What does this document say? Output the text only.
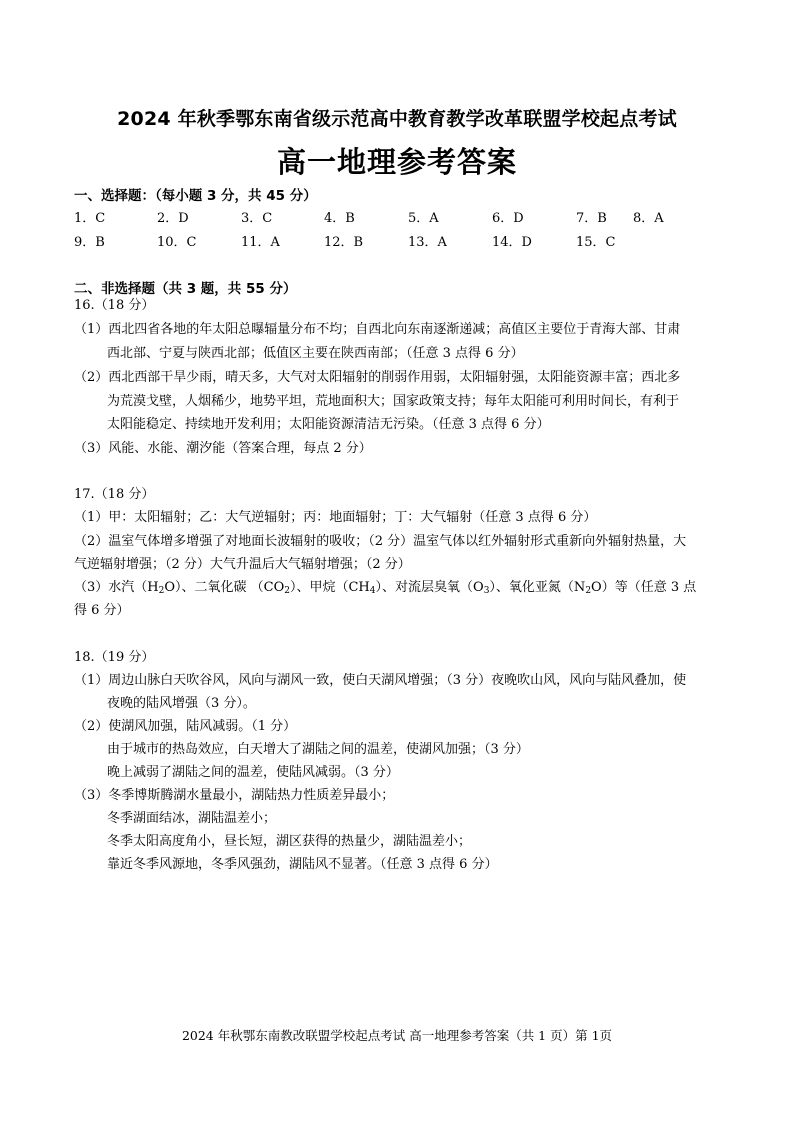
2024 年秋季鄂东南省级示范高中教育教学改革联盟学校起点考试
高一地理参考答案
一、选择题：（每小题 3 分，共 45 分）
1．C	2．D	3．C	4．B	5．A	6．D	7．B 8．A
9．B	10．C	11．A	12．B	13．A	14．D	15．C
二、非选择题（共 3 题，共 55 分）
16.（18 分）
（1）西北四省各地的年太阳总曝辐量分布不均；自西北向东南逐渐递减；高值区主要位于青海大部、甘肃
西北部、宁夏与陕西北部；低值区主要在陕西南部；（任意 3 点得 6 分）
（2）西北西部干旱少雨，晴天多，大气对太阳辐射的削弱作用弱，太阳辐射强，太阳能资源丰富；西北多
为荒漠戈壁，人烟稀少，地势平坦，荒地面积大；国家政策支持；每年太阳能可利用时间长，有利于
太阳能稳定、持续地开发利用；太阳能资源清洁无污染。（任意 3 点得 6 分）
（3）风能、水能、潮汐能（答案合理，每点 2 分）
17.（18 分）
（1）甲：太阳辐射；乙：大气逆辐射；丙：地面辐射；丁：大气辐射（任意 3 点得 6 分）
（2）温室气体增多增强了对地面长波辐射的吸收；（2 分）温室气体以红外辐射形式重新向外辐射热量，大
气逆辐射增强；（2 分）大气升温后大气辐射增强；（2 分）
（3）水汽$(H_2O)$、二氧化碳 $(CO_2)$、甲烷$(CH_4)$、对流层臭氧$(O_3)$、氧化亚氮$(N_2O)$等（任意 3 点
得 6 分）
18.（19 分）
（1）周边山脉白天吹谷风，风向与湖风一致，使白天湖风增强；（3 分）夜晚吹山风，风向与陆风叠加，使
夜晚的陆风增强（3 分）。
（2）使湖风加强，陆风减弱。（1 分）
由于城市的热岛效应，白天增大了湖陆之间的温差，使湖风加强；（3 分）
晚上减弱了湖陆之间的温差，使陆风减弱。（3 分）
（3）冬季博斯腾湖水量最小，湖陆热力性质差异最小；
冬季湖面结冰，湖陆温差小；
冬季太阳高度角小，昼长短，湖区获得的热量少，湖陆温差小；
靠近冬季风源地，冬季风强劲，湖陆风不显著。（任意 3 点得 6 分）
2024 年秋鄂东南教改联盟学校起点考试 高一地理参考答案（共 1 页）第 1页
